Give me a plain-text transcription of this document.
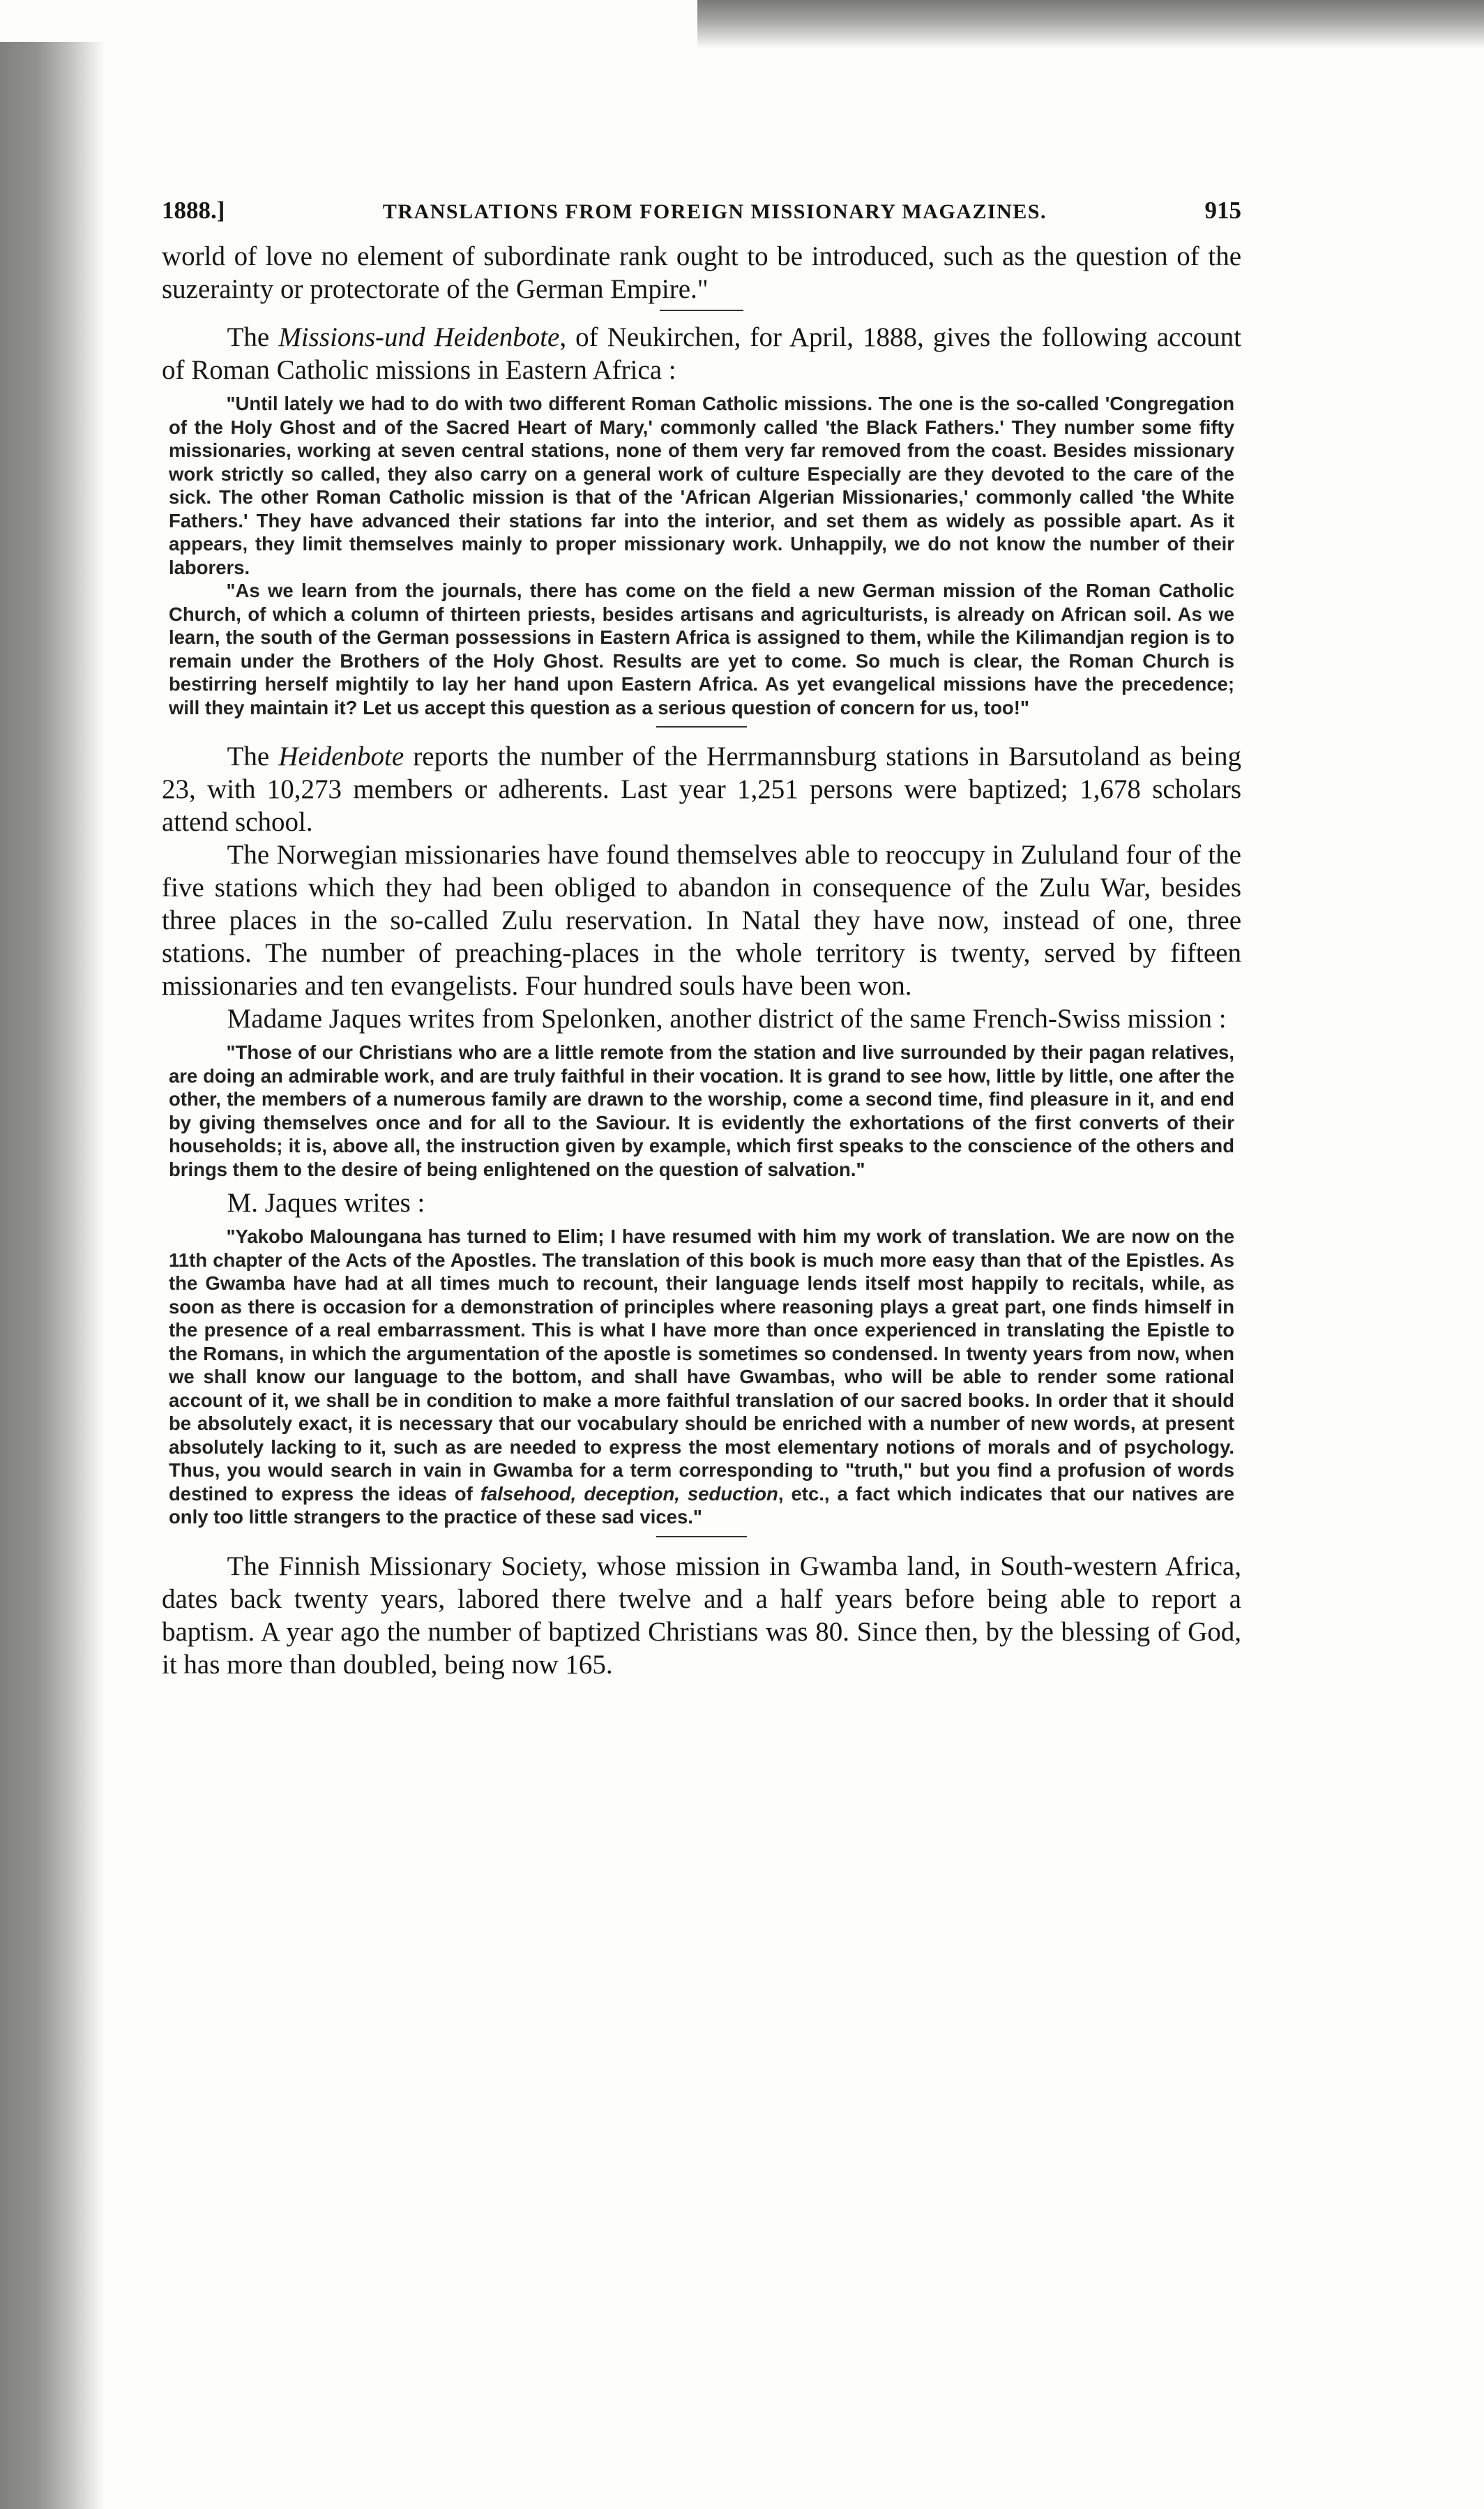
1888.]	TRANSLATIONS FROM FOREIGN MISSIONARY MAGAZINES.	915

world of love no element of subordinate rank ought to be introduced, such as the question of the suzerainty or protectorate of the German Empire."

The Missions-und Heidenbote, of Neukirchen, for April, 1888, gives the following account of Roman Catholic missions in Eastern Africa :

"Until lately we had to do with two different Roman Catholic missions. The one is the so-called 'Congregation of the Holy Ghost and of the Sacred Heart of Mary,' commonly called 'the Black Fathers.' They number some fifty missionaries, working at seven central stations, none of them very far removed from the coast. Besides missionary work strictly so called, they also carry on a general work of culture Especially are they devoted to the care of the sick. The other Roman Catholic mission is that of the 'African Algerian Missionaries,' commonly called 'the White Fathers.' They have advanced their stations far into the interior, and set them as widely as possible apart. As it appears, they limit themselves mainly to proper missionary work. Unhappily, we do not know the number of their laborers.

"As we learn from the journals, there has come on the field a new German mission of the Roman Catholic Church, of which a column of thirteen priests, besides artisans and agriculturists, is already on African soil. As we learn, the south of the German possessions in Eastern Africa is assigned to them, while the Kilimandjan region is to remain under the Brothers of the Holy Ghost. Results are yet to come. So much is clear, the Roman Church is bestirring herself mightily to lay her hand upon Eastern Africa. As yet evangelical missions have the precedence; will they maintain it? Let us accept this question as a serious question of concern for us, too!"

The Heidenbote reports the number of the Herrmannsburg stations in Barsutoland as being 23, with 10,273 members or adherents. Last year 1,251 persons were baptized; 1,678 scholars attend school.

The Norwegian missionaries have found themselves able to reoccupy in Zululand four of the five stations which they had been obliged to abandon in consequence of the Zulu War, besides three places in the so-called Zulu reservation. In Natal they have now, instead of one, three stations. The number of preaching-places in the whole territory is twenty, served by fifteen missionaries and ten evangelists. Four hundred souls have been won.

Madame Jaques writes from Spelonken, another district of the same French-Swiss mission :

"Those of our Christians who are a little remote from the station and live surrounded by their pagan relatives, are doing an admirable work, and are truly faithful in their vocation. It is grand to see how, little by little, one after the other, the members of a numerous family are drawn to the worship, come a second time, find pleasure in it, and end by giving themselves once and for all to the Saviour. It is evidently the exhortations of the first converts of their households; it is, above all, the instruction given by example, which first speaks to the conscience of the others and brings them to the desire of being enlightened on the question of salvation."

M. Jaques writes :

"Yakobo Maloungana has turned to Elim; I have resumed with him my work of translation. We are now on the 11th chapter of the Acts of the Apostles. The translation of this book is much more easy than that of the Epistles. As the Gwamba have had at all times much to recount, their language lends itself most happily to recitals, while, as soon as there is occasion for a demonstration of principles where reasoning plays a great part, one finds himself in the presence of a real embarrassment. This is what I have more than once experienced in translating the Epistle to the Romans, in which the argumentation of the apostle is sometimes so condensed. In twenty years from now, when we shall know our language to the bottom, and shall have Gwambas, who will be able to render some rational account of it, we shall be in condition to make a more faithful translation of our sacred books. In order that it should be absolutely exact, it is necessary that our vocabulary should be enriched with a number of new words, at present absolutely lacking to it, such as are needed to express the most elementary notions of morals and of psychology. Thus, you would search in vain in Gwamba for a term corresponding to "truth," but you find a profusion of words destined to express the ideas of falsehood, deception, seduction, etc., a fact which indicates that our natives are only too little strangers to the practice of these sad vices."

The Finnish Missionary Society, whose mission in Gwamba land, in South-western Africa, dates back twenty years, labored there twelve and a half years before being able to report a baptism. A year ago the number of baptized Christians was 80. Since then, by the blessing of God, it has more than doubled, being now 165.
